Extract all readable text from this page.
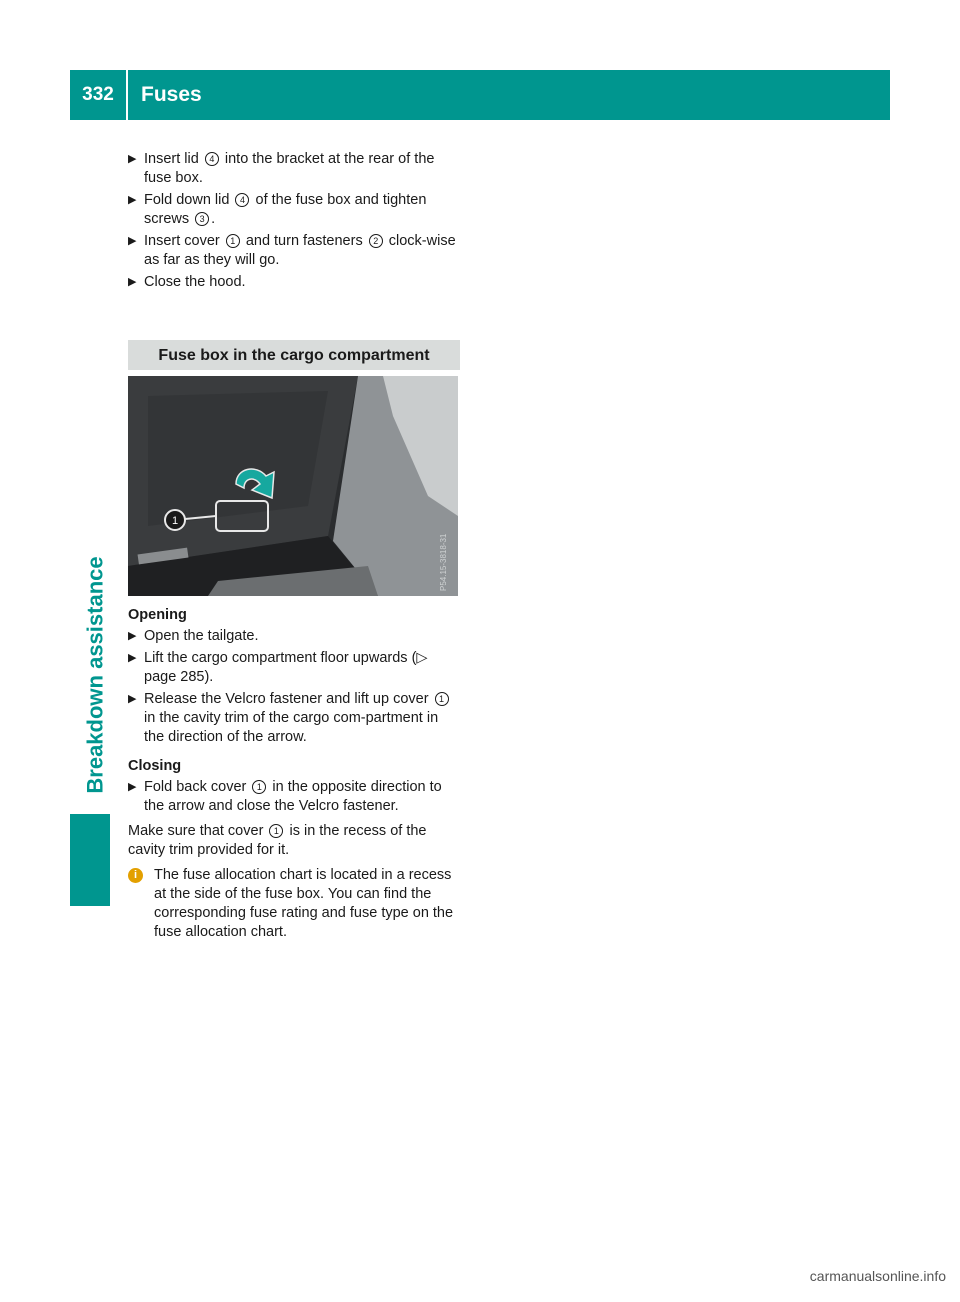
332	Fuses
Breakdown assistance
▶ Insert lid 4 into the bracket at the rear of the fuse box.
▶ Fold down lid 4 of the fuse box and tighten screws 3 .
▶ Insert cover 1 and turn fasteners 2 clock-wise as far as they will go.
▶ Close the hood.
Fuse box in the cargo compartment
1
P54.15-3818-31
Opening
▶ Open the tailgate.
▶ Lift the cargo compartment floor upwards (▷ page 285).
▶ Release the Velcro fastener and lift up cover 1 in the cavity trim of the cargo com-partment in the direction of the arrow.
Closing
▶ Fold back cover 1 in the opposite direction to the arrow and close the Velcro fastener.
Make sure that cover 1 is in the recess of the cavity trim provided for it.
i	The fuse allocation chart is located in a recess at the side of the fuse box. You can find the corresponding fuse rating and fuse type on the fuse allocation chart.
carmanualsonline.info
